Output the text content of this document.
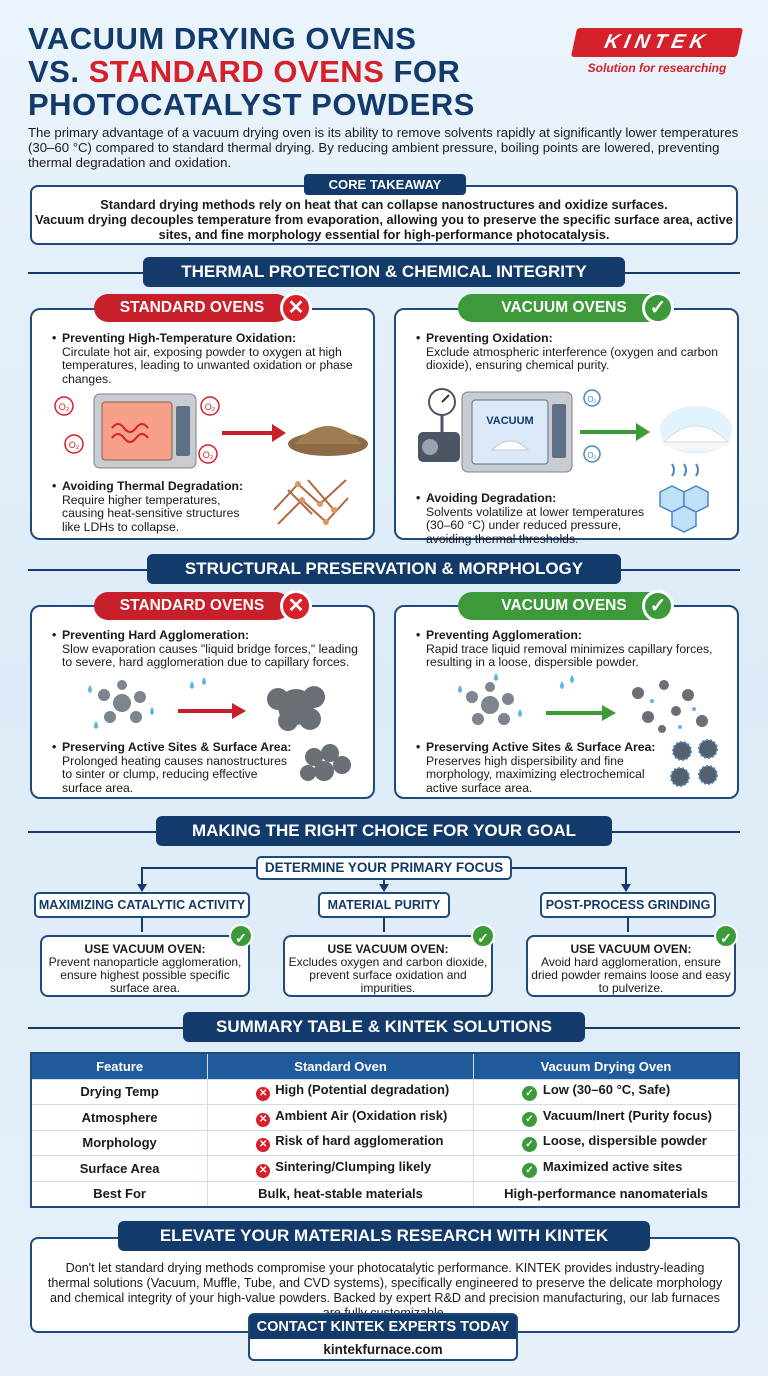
VACUUM DRYING OVENS
VS. STANDARD OVENS FOR
PHOTOCATALYST POWDERS
KINTEK
Solution for researching
The primary advantage of a vacuum drying oven is its ability to remove solvents rapidly at significantly lower temperatures (30–60 °C) compared to standard thermal drying. By reducing ambient pressure, boiling points are lowered, preventing thermal degradation and oxidation.
Standard drying methods rely on heat that can collapse nanostructures and oxidize surfaces.
Vacuum drying decouples temperature from evaporation, allowing you to preserve the specific surface area, active sites, and fine morphology essential for high-performance photocatalysis.
CORE TAKEAWAY
THERMAL PROTECTION & CHEMICAL INTEGRITY
• Preventing High-Temperature Oxidation:
Circulate hot air, exposing powder to oxygen at high temperatures, leading to unwanted oxidation or phase changes.
O₂
O₂
O₂
O₂
• Avoiding Thermal Degradation:
Require higher temperatures, causing heat-sensitive structures like LDHs to collapse.
STANDARD OVENS	✕
• Preventing Oxidation:
Exclude atmospheric interference (oxygen and carbon dioxide), ensuring chemical purity.
VACUUM
O₂
O₂
• Avoiding Degradation:
Solvents volatilize at lower temperatures (30–60 °C) under reduced pressure, avoiding thermal thresholds.
VACUUM OVENS	✓
STRUCTURAL PRESERVATION & MORPHOLOGY
• Preventing Hard Agglomeration:
Slow evaporation causes "liquid bridge forces," leading to severe, hard agglomeration due to capillary forces.
• Preserving Active Sites & Surface Area:
Prolonged heating causes nanostructures to sinter or clump, reducing effective surface area.
STANDARD OVENS	✕
• Preventing Agglomeration:
Rapid trace liquid removal minimizes capillary forces, resulting in a loose, dispersible powder.
• Preserving Active Sites & Surface Area:
Preserves high dispersibility and fine morphology, maximizing electrochemical active surface area.
VACUUM OVENS	✓
MAKING THE RIGHT CHOICE FOR YOUR GOAL
DETERMINE YOUR PRIMARY FOCUS
MAXIMIZING CATALYTIC ACTIVITY	MATERIAL PURITY	POST-PROCESS GRINDING
USE VACUUM OVEN:
Prevent nanoparticle agglomeration, ensure highest possible specific surface area.
✓
USE VACUUM OVEN:
Excludes oxygen and carbon dioxide, prevent surface oxidation and impurities.
✓
USE VACUUM OVEN:
Avoid hard agglomeration, ensure dried powder remains loose and easy to pulverize.
✓
SUMMARY TABLE & KINTEK SOLUTIONS
Feature	Standard Oven	Vacuum Drying Oven
Drying Temp	✕ High (Potential degradation)	✓ Low (30–60 °C, Safe)
Atmosphere	✕ Ambient Air (Oxidation risk)	✓ Vacuum/Inert (Purity focus)
Morphology	✕ Risk of hard agglomeration	✓ Loose, dispersible powder
Surface Area	✕ Sintering/Clumping likely	✓ Maximized active sites
Best For	Bulk, heat-stable materials	High-performance nanomaterials
Don't let standard drying methods compromise your photocatalytic performance. KINTEK provides industry-leading thermal solutions (Vacuum, Muffle, Tube, and CVD systems), specifically engineered to preserve the delicate morphology and chemical integrity of your high-value powders. Backed by expert R&D and precision manufacturing, our lab furnaces
ELEVATE YOUR MATERIALS RESEARCH WITH KINTEK
CONTACT KINTEK EXPERTS TODAY
kintekfurnace.com
